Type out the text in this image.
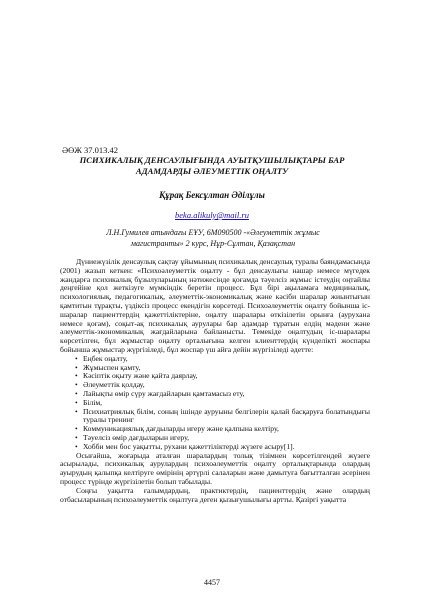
ӘӨЖ 37.013.42
ПСИХИКАЛЫҚ ДЕНСАУЛЫҒЫНДА АУЫТҚУШЫЛЫҚТАРЫ БАР АДАМДАРДЫ ӘЛЕУМЕТТІК ОҢАЛТУ
Құрақ Бексұлтан Әділұлы
beka.alikuly@mail.ru
Л.Н.Гумилев атындағы ЕҰУ, 6M090500 -«Әлеуметтік жұмыс магистранты» 2 курс, Нұр-Сұлтан, Қазақстан

Дүниежүзілік денсаулық сақтау ұйымының психикалық денсаулық туралы баяндамасында (2001) жазып кеткен: «Психоәлеуметтік оңалту - бұл денсаулығы нашар немесе мүгедек жандарға психикалық бұзылуларының нәтижесінде қоғамда тәуелсіз жұмыс істеудің оңтайлы деңгейіне қол жеткізуге мүмкіндік беретін процесс. Бұл бірі ақыламаға медициналық, психологиялық, педагогикалық, әлеуметтік-экономикалық және кәсіби шаралар жиынтығын қамтитын тұрақты, үздіксіз процесс екендігін көрсетеді. Психоәлеуметтік оңалту бойынша іс-шаралар пациенттердің қажеттіліктеріне, оңалту шаралары өткізілетін орынға (аурухана немесе қоғам), соқыт-ақ психикалық аурулары бар адамдар тұратын елдің мәдени және әлеуметтік-экономикалық жағдайларына байланысты. Темекіде оңалтудың іс-шаралары көрсетілген, бұл жұмыстар оңалту орталығына келген клиенттердің күнделікті жоспары бойынша жұмыстар жүргізіледі, бұл жоспар үш айға дейін жүргізіледі әдетте:

• Еңбек оңалту,
• Жұмыспен қамту,
• Кәсіптік оқыту және қайта даярлау,
• Әлеуметтік қолдау,
• Лайықты өмір сүру жағдайларын қамтамасыз ету,
• Білім,
• Психиатриялық білім, соның ішінде ауруыны белгілерін қалай басқаруға болатындығы туралы тренинг
• Коммуникациялық дағдыларды игеру және қалпына келтіру,
• Тәуелсіз өмір дағдыларын игеру,
• Хобби мен бос уақытты, рухани қажеттіліктерді жүзеге асыру[1].

Осығайша, жоғарыда аталған шаралардың толық тізімнен көрсетілгендей жүзеге асырылады, психикалық аурулардың психоәлеуметтік оңалту орталықтарында олардың ауырудың қалыпқа келтіруге өмірінің әртүрлі салаларын және дамытуға бағытталған әсерінен процесс түрінде жүргізілетін болып табылады.

Соңғы уақытта ғалымдардың, практиктердің, пациенттердің және олардың отбасыларының психоәлеуметтік оңалтуға деген қызығушылығы артты. Қазіргі уақытта

4457
